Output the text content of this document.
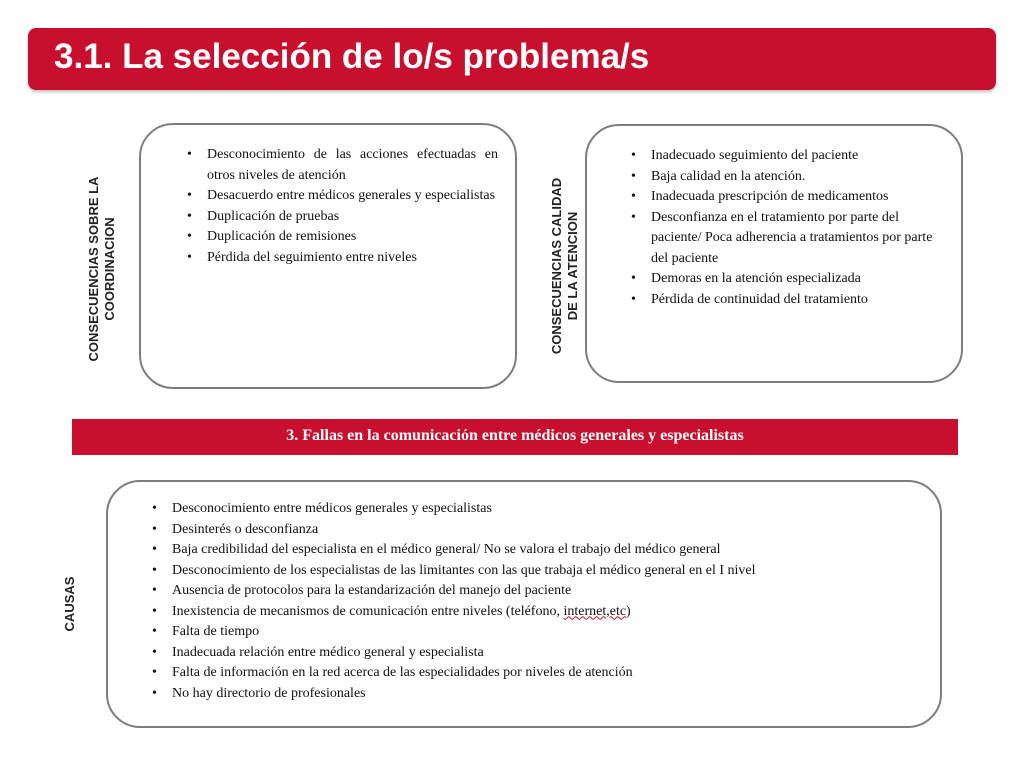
3.1. La selección de lo/s problema/s
CONSECUENCIAS SOBRE LA COORDINACION
• Desconocimiento de las acciones efectuadas en otros niveles de atención
• Desacuerdo entre médicos generales y especialistas
• Duplicación de pruebas
• Duplicación de remisiones
• Pérdida del seguimiento entre niveles	CONSECUENCIAS CALIDAD DE LA ATENCION
• Inadecuado seguimiento del paciente
• Baja calidad en la atención.
• Inadecuada prescripción de medicamentos
• Desconfianza en el tratamiento por parte del paciente/ Poca adherencia a tratamientos por parte del paciente
• Demoras en la atención especializada
• Pérdida de continuidad del tratamiento
3. Fallas en la comunicación entre médicos generales y especialistas
CAUSAS
• Desconocimiento entre médicos generales y especialistas
• Desinterés o desconfianza
• Baja credibilidad del especialista en el médico general/ No se valora el trabajo del médico general
• Desconocimiento de los especialistas de las limitantes con las que trabaja el médico general en el I nivel
• Ausencia de protocolos para la estandarización del manejo del paciente
• Inexistencia de mecanismos de comunicación entre niveles (teléfono, internet,etc)
• Falta de tiempo
• Inadecuada relación entre médico general y especialista
• Falta de información en la red acerca de las especialidades por niveles de atención
• No hay directorio de profesionales
